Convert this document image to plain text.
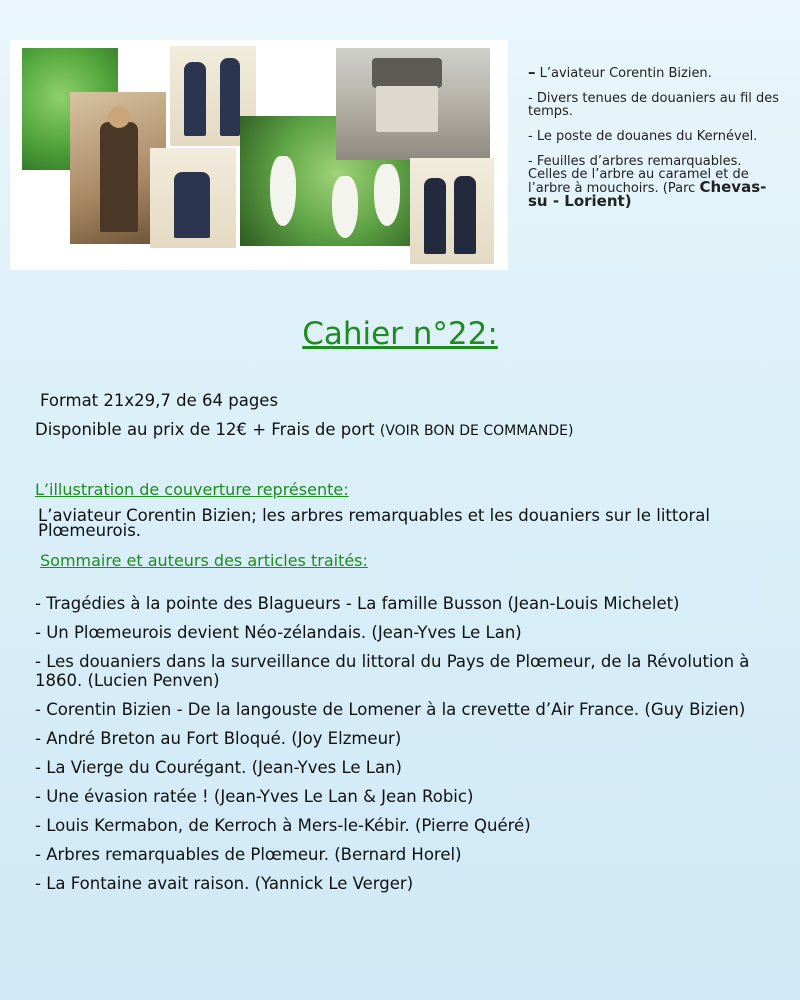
– L’aviateur Corentin Bizien.

- Divers tenues de douaniers au fil des temps.

- Le poste de douanes du Kernével.

- Feuilles d’arbres remarquables. Celles de l’arbre au caramel et de l’arbre à mouchoirs. (Parc Chevas-su - Lorient)

Cahier n°22:
Format 21x29,7 de 64 pages
Disponible au prix de 12€ + Frais de port (VOIR BON DE COMMANDE)
L’illustration de couverture représente:
L’aviateur Corentin Bizien; les arbres remarquables et les douaniers sur le littoral Plœmeurois.
Sommaire et auteurs des articles traités:
- Tragédies à la pointe des Blagueurs - La famille Busson (Jean-Louis Michelet)
- Un Plœmeurois devient Néo-zélandais. (Jean-Yves Le Lan)
- Les douaniers dans la surveillance du littoral du Pays de Plœmeur, de la Révolution à 1860. (Lucien Penven)
- Corentin Bizien - De la langouste de Lomener à la crevette d’Air France. (Guy Bizien)
- André Breton au Fort Bloqué. (Joy Elzmeur)
- La Vierge du Courégant. (Jean-Yves Le Lan)
- Une évasion ratée ! (Jean-Yves Le Lan & Jean Robic)
- Louis Kermabon, de Kerroch à Mers-le-Kébir. (Pierre Quéré)
- Arbres remarquables de Plœmeur. (Bernard Horel)
- La Fontaine avait raison. (Yannick Le Verger)
